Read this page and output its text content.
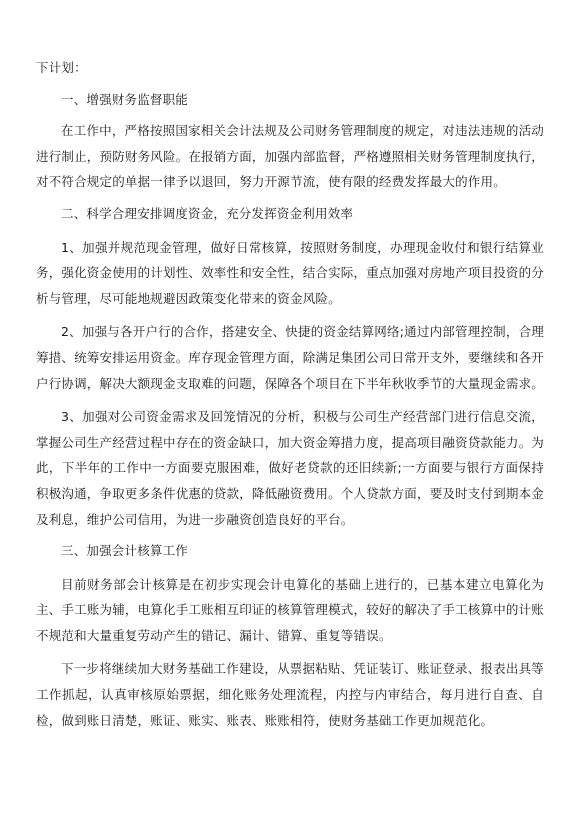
下计划：

一、增强财务监督职能

在工作中，严格按照国家相关会计法规及公司财务管理制度的规定，对违法违规的活动进行制止，预防财务风险。在报销方面，加强内部监督，严格遵照相关财务管理制度执行，对不符合规定的单据一律予以退回，努力开源节流，使有限的经费发挥最大的作用。

二、科学合理安排调度资金，充分发挥资金利用效率

1、加强并规范现金管理，做好日常核算，按照财务制度，办理现金收付和银行结算业务，强化资金使用的计划性、效率性和安全性，结合实际，重点加强对房地产项目投资的分析与管理，尽可能地规避因政策变化带来的资金风险。

2、加强与各开户行的合作，搭建安全、快捷的资金结算网络;通过内部管理控制，合理筹措、统筹安排运用资金。库存现金管理方面，除满足集团公司日常开支外，要继续和各开户行协调，解决大额现金支取难的问题，保障各个项目在下半年秋收季节的大量现金需求。

3、加强对公司资金需求及回笼情况的分析，积极与公司生产经营部门进行信息交流，掌握公司生产经营过程中存在的资金缺口，加大资金筹措力度，提高项目融资贷款能力。为此，下半年的工作中一方面要克服困难，做好老贷款的还旧续新;一方面要与银行方面保持积极沟通，争取更多条件优惠的贷款，降低融资费用。个人贷款方面，要及时支付到期本金及利息，维护公司信用，为进一步融资创造良好的平台。

三、加强会计核算工作

目前财务部会计核算是在初步实现会计电算化的基础上进行的，已基本建立电算化为主、手工账为辅，电算化手工账相互印证的核算管理模式，较好的解决了手工核算中的计账不规范和大量重复劳动产生的错记、漏计、错算、重复等错误。

下一步将继续加大财务基础工作建设，从票据粘贴、凭证装订、账证登录、报表出具等工作抓起，认真审核原始票据，细化账务处理流程，内控与内审结合，每月进行自查、自检，做到账日清楚，账证、账实、账表、账账相符，使财务基础工作更加规范化。
